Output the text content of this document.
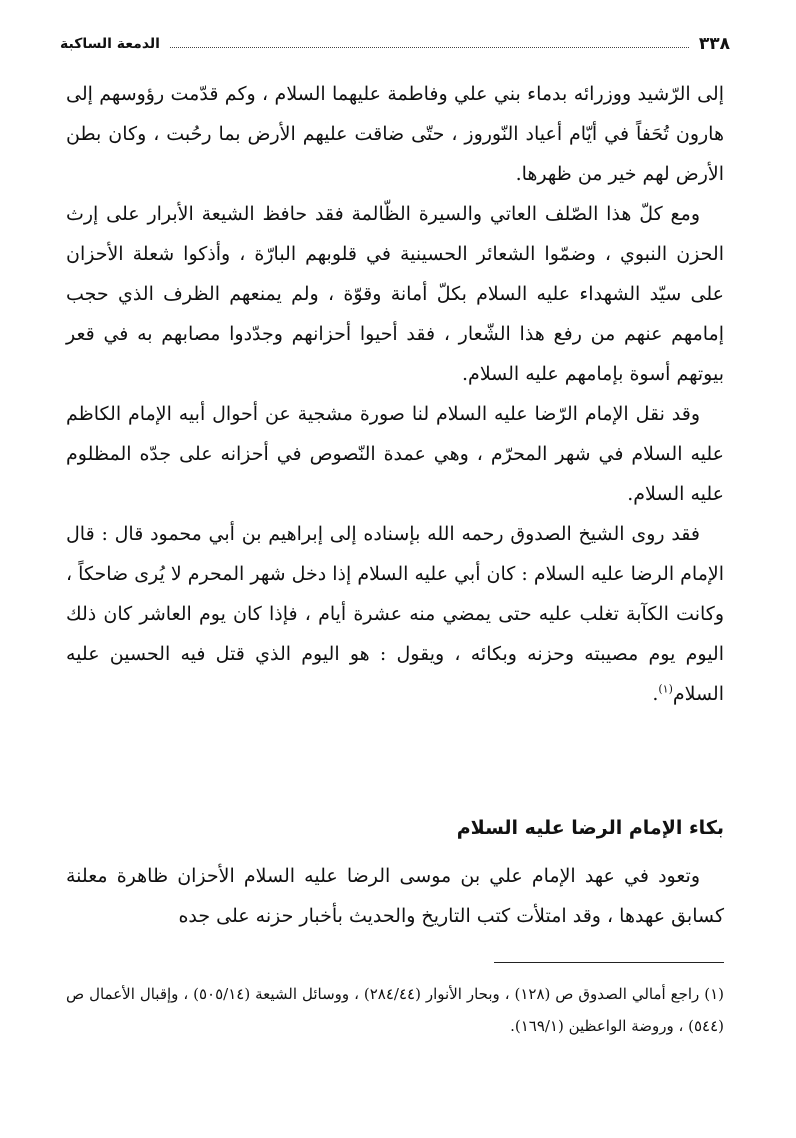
٣٣٨
الدمعة الساكبة

إلى الرّشيد ووزرائه بدماء بني علي وفاطمة عليهما السلام ، وكم قدّمت رؤوسهم إلى هارون تُحَفاً في أيّام أعياد النّوروز ، حتّى ضاقت عليهم الأرض بما رحُبت ، وكان بطن الأرض لهم خير من ظهرها.

ومع كلّ هذا الصّلف العاتي والسيرة الظّالمة فقد حافظ الشيعة الأبرار على إرث الحزن النبوي ، وضمّوا الشعائر الحسينية في قلوبهم البارّة ، وأذكوا شعلة الأحزان على سيّد الشهداء عليه السلام بكلّ أمانة وقوّة ، ولم يمنعهم الظرف الذي حجب إمامهم عنهم من رفع هذا الشّعار ، فقد أحيوا أحزانهم وجدّدوا مصابهم به في قعر بيوتهم أسوة بإمامهم عليه السلام.

وقد نقل الإمام الرّضا عليه السلام لنا صورة مشجية عن أحوال أبيه الإمام الكاظم عليه السلام في شهر المحرّم ، وهي عمدة النّصوص في أحزانه على جدّه المظلوم عليه السلام.

فقد روى الشيخ الصدوق رحمه الله بإسناده إلى إبراهيم بن أبي محمود قال : قال الإمام الرضا عليه السلام : كان أبي عليه السلام إذا دخل شهر المحرم لا يُرى ضاحكاً ، وكانت الكآبة تغلب عليه حتى يمضي منه عشرة أيام ، فإذا كان يوم العاشر كان ذلك اليوم يوم مصيبته وحزنه وبكائه ، ويقول : هو اليوم الذي قتل فيه الحسين عليه السلام$^{(١)}$.

بكاء الإمام الرضا عليه السلام

وتعود في عهد الإمام علي بن موسى الرضا عليه السلام الأحزان ظاهرة معلنة كسابق عهدها ، وقد امتلأت كتب التاريخ والحديث بأخبار حزنه على جده

(١) راجع أمالي الصدوق ص (١٢٨) ، وبحار الأنوار (٢٨٤/٤٤) ، ووسائل الشيعة (٥٠٥/١٤) ، وإقبال الأعمال ص (٥٤٤) ، وروضة الواعظين (١٦٩/١).
